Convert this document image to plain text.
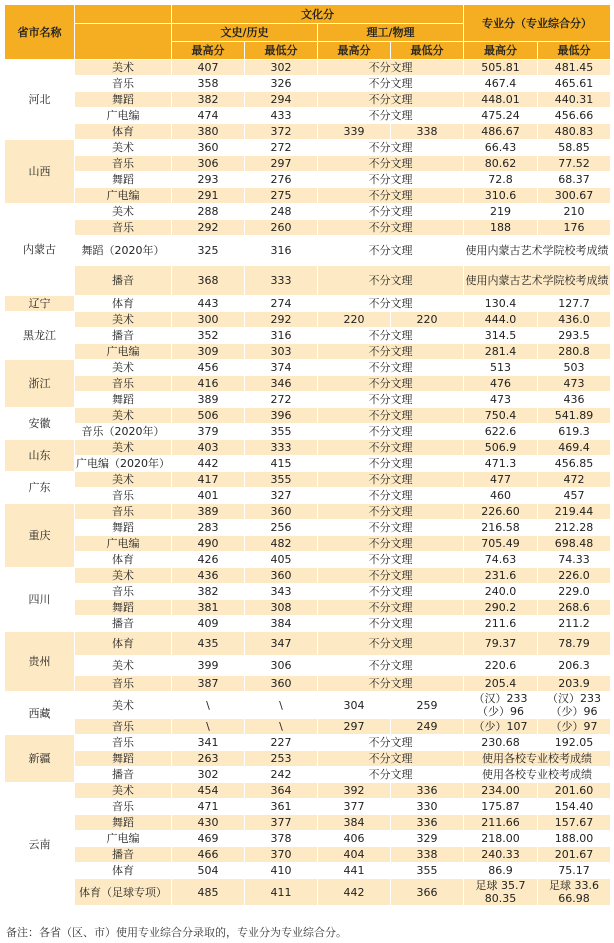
省市名称		文化分				专业分（专业综合分）	
		文史/历史		理工/物理			
		最高分	最低分	最高分	最低分	最高分	最低分
河北	美术	407	302	不分文理		505.81	481.45
	音乐	358	326	不分文理		467.4	465.61
	舞蹈	382	294	不分文理		448.01	440.31
	广电编	474	433	不分文理		475.24	456.66
	体育	380	372	339	338	486.67	480.83
山西	美术	360	272	不分文理		66.43	58.85
	音乐	306	297	不分文理		80.62	77.52
	舞蹈	293	276	不分文理		72.8	68.37
	广电编	291	275	不分文理		310.6	300.67
内蒙古	美术	288	248	不分文理		219	210
	音乐	292	260	不分文理		188	176
	舞蹈（2020年）	325	316	不分文理		使用内蒙古艺术学院校考成绩	
	播音	368	333	不分文理		使用内蒙古艺术学院校考成绩	
辽宁	体育	443	274	不分文理		130.4	127.7
黑龙江	美术	300	292	220	220	444.0	436.0
	播音	352	316	不分文理		314.5	293.5
	广电编	309	303	不分文理		281.4	280.8
浙江	美术	456	374	不分文理		513	503
	音乐	416	346	不分文理		476	473
	舞蹈	389	272	不分文理		473	436
安徽	美术	506	396	不分文理		750.4	541.89
	音乐（2020年）	379	355	不分文理		622.6	619.3
山东	美术	403	333	不分文理		506.9	469.4
	广电编（2020年）	442	415	不分文理		471.3	456.85
广东	美术	417	355	不分文理		477	472
	音乐	401	327	不分文理		460	457
重庆	音乐	389	360	不分文理		226.60	219.44
	舞蹈	283	256	不分文理		216.58	212.28
	广电编	490	482	不分文理		705.49	698.48
	体育	426	405	不分文理		74.63	74.33
四川	美术	436	360	不分文理		231.6	226.0
	音乐	382	343	不分文理		240.0	229.0
	舞蹈	381	308	不分文理		290.2	268.6
	播音	409	384	不分文理		211.6	211.2
贵州	体育	435	347	不分文理		79.37	78.79
	美术	399	306	不分文理		220.6	206.3
	音乐	387	360	不分文理		205.4	203.9
西藏	美术	\	\	304	259	（汉）233（少）96	（汉）233（少）96
	音乐	\	\	297	249	（少）107	（少）97
新疆	音乐	341	227	不分文理		230.68	192.05
	舞蹈	263	253	不分文理		使用各校专业校考成绩	
	播音	302	242	不分文理		使用各校专业校考成绩	
云南	美术	454	364	392	336	234.00	201.60
	音乐	471	361	377	330	175.87	154.40
	舞蹈	430	377	384	336	211.66	157.67
	广电编	469	378	406	329	218.00	188.00
	播音	466	370	404	338	240.33	201.67
	体育	504	410	441	355	86.9	75.17
	体育（足球专项）	485	411	442	366	足球 35.7 80.35	足球 33.6 66.98
备注：各省（区、市）使用专业综合分录取的，专业分为专业综合分。
